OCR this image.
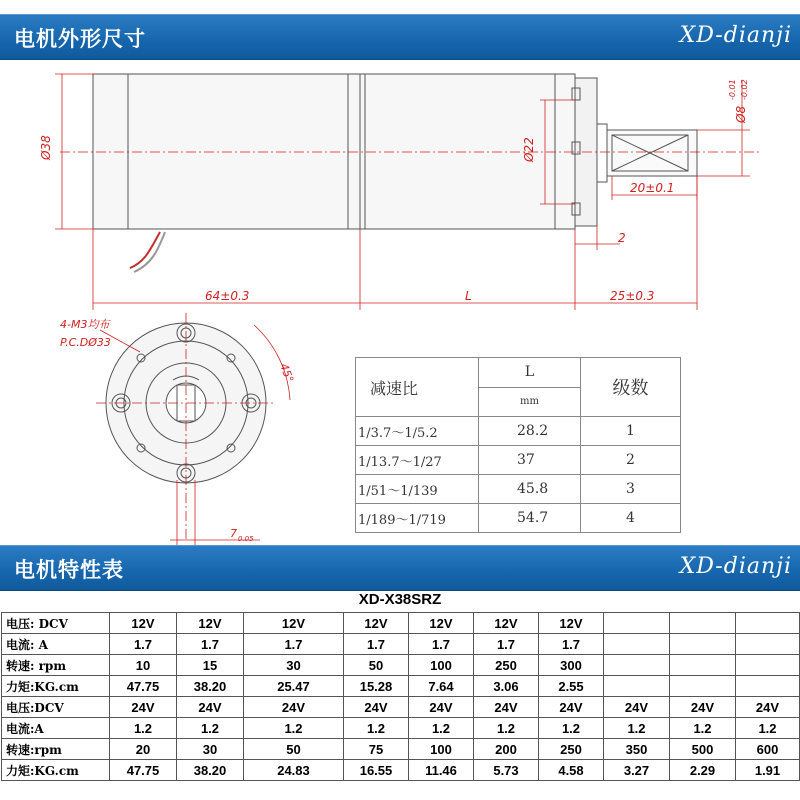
电机外形尺寸	XD-dianji
Ø38	Ø22
Ø8
-0.01 -0.02
20±0.1
2
64±0.3	L	25±0.3
4-M3均布
P.C.DØ33
45°
7 0.05
减速比	L	级数
	mm	
1/3.7～1/5.2	28.2	1
1/13.7～1/27	37	2
1/51～1/139	45.8	3
1/189～1/719	54.7	4
电机特性表	XD-dianji
XD-X38SRZ
电压: DCV	12V	12V	12V	12V	12V	12V	12V			
电流: A	1.7	1.7	1.7	1.7	1.7	1.7	1.7			
转速: rpm	10	15	30	50	100	250	300			
力矩:KG.cm	47.75	38.20	25.47	15.28	7.64	3.06	2.55			
电压:DCV	24V	24V	24V	24V	24V	24V	24V	24V	24V	24V
电流:A	1.2	1.2	1.2	1.2	1.2	1.2	1.2	1.2	1.2	1.2
转速:rpm	20	30	50	75	100	200	250	350	500	600
力矩:KG.cm	47.75	38.20	24.83	16.55	11.46	5.73	4.58	3.27	2.29	1.91
